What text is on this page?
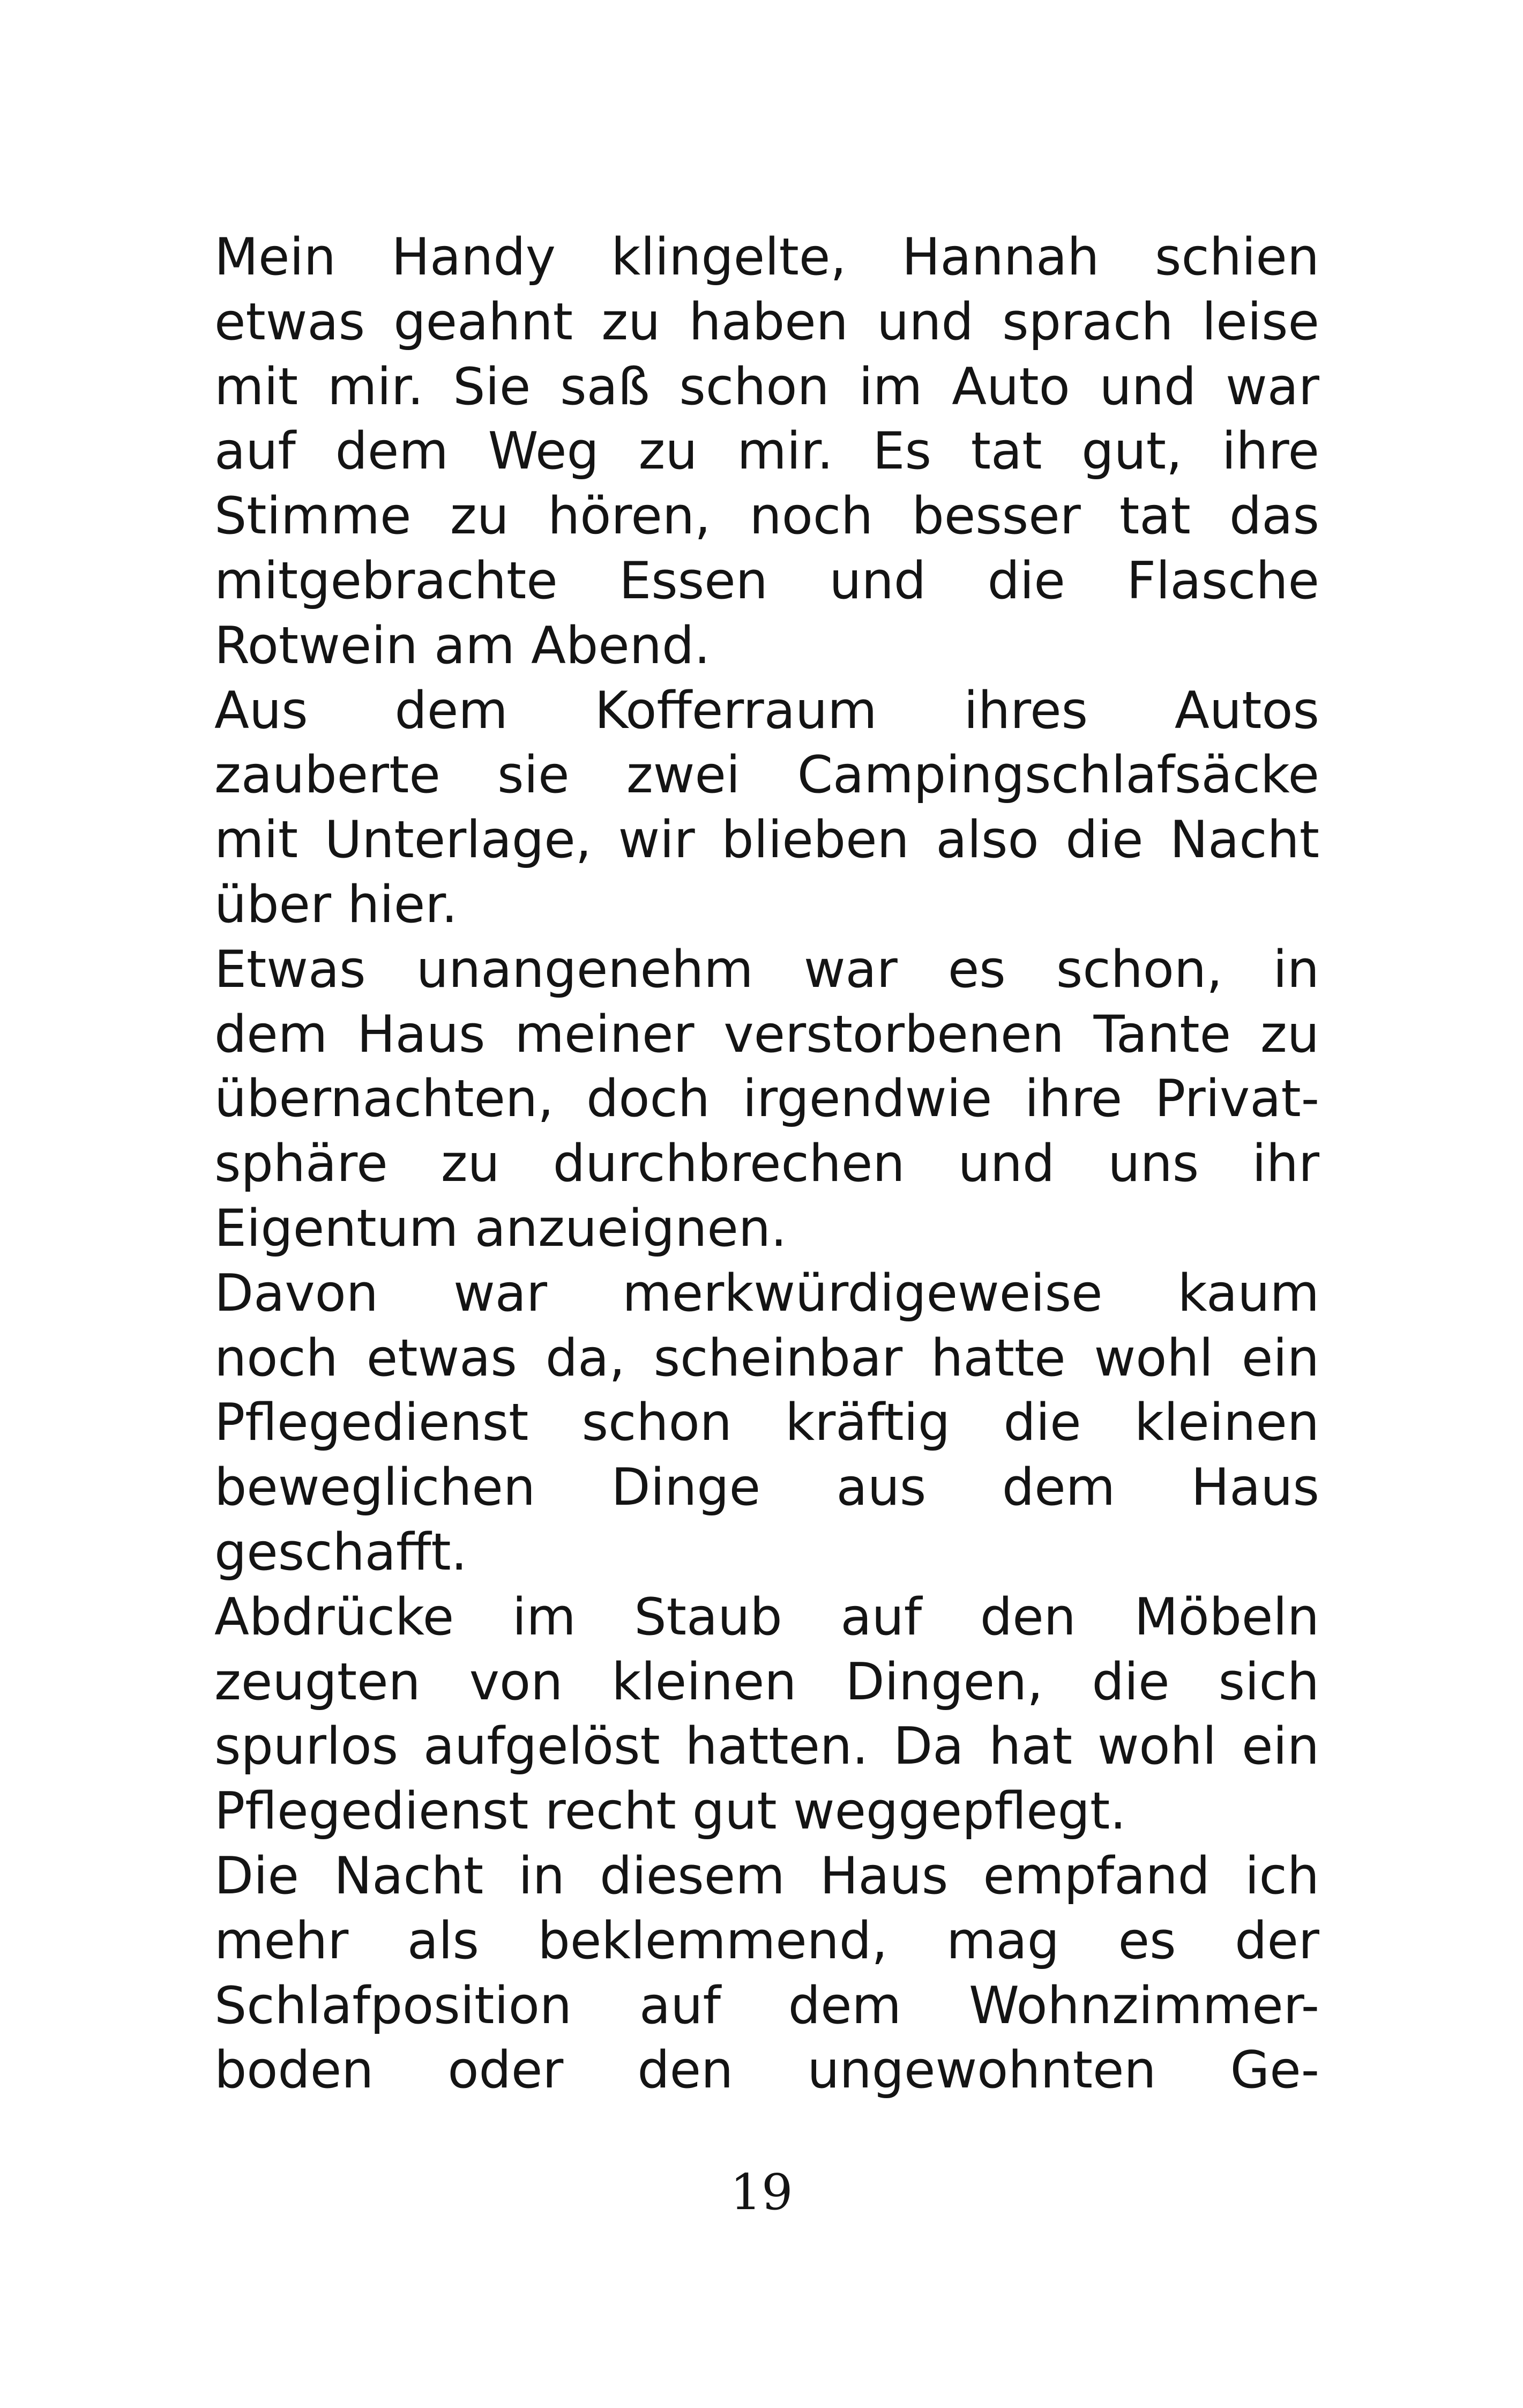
Mein Handy klingelte, Hannah schien
etwas geahnt zu haben und sprach leise
mit mir. Sie saß schon im Auto und war
auf dem Weg zu mir. Es tat gut, ihre
Stimme zu hören, noch besser tat das
mitgebrachte Essen und die Flasche
Rotwein am Abend.
Aus dem Kofferraum ihres Autos
zauberte sie zwei Campingschlafsäcke
mit Unterlage, wir blieben also die Nacht
über hier.
Etwas unangenehm war es schon, in
dem Haus meiner verstorbenen Tante zu
übernachten, doch irgendwie ihre Privat-
sphäre zu durchbrechen und uns ihr
Eigentum anzueignen.
Davon war merkwürdigeweise kaum
noch etwas da, scheinbar hatte wohl ein
Pflegedienst schon kräftig die kleinen
beweglichen Dinge aus dem Haus
geschafft.
Abdrücke im Staub auf den Möbeln
zeugten von kleinen Dingen, die sich
spurlos aufgelöst hatten. Da hat wohl ein
Pflegedienst recht gut weggepflegt.
Die Nacht in diesem Haus empfand ich
mehr als beklemmend, mag es der
Schlafposition auf dem Wohnzimmer-
boden oder den ungewohnten Ge-
19
